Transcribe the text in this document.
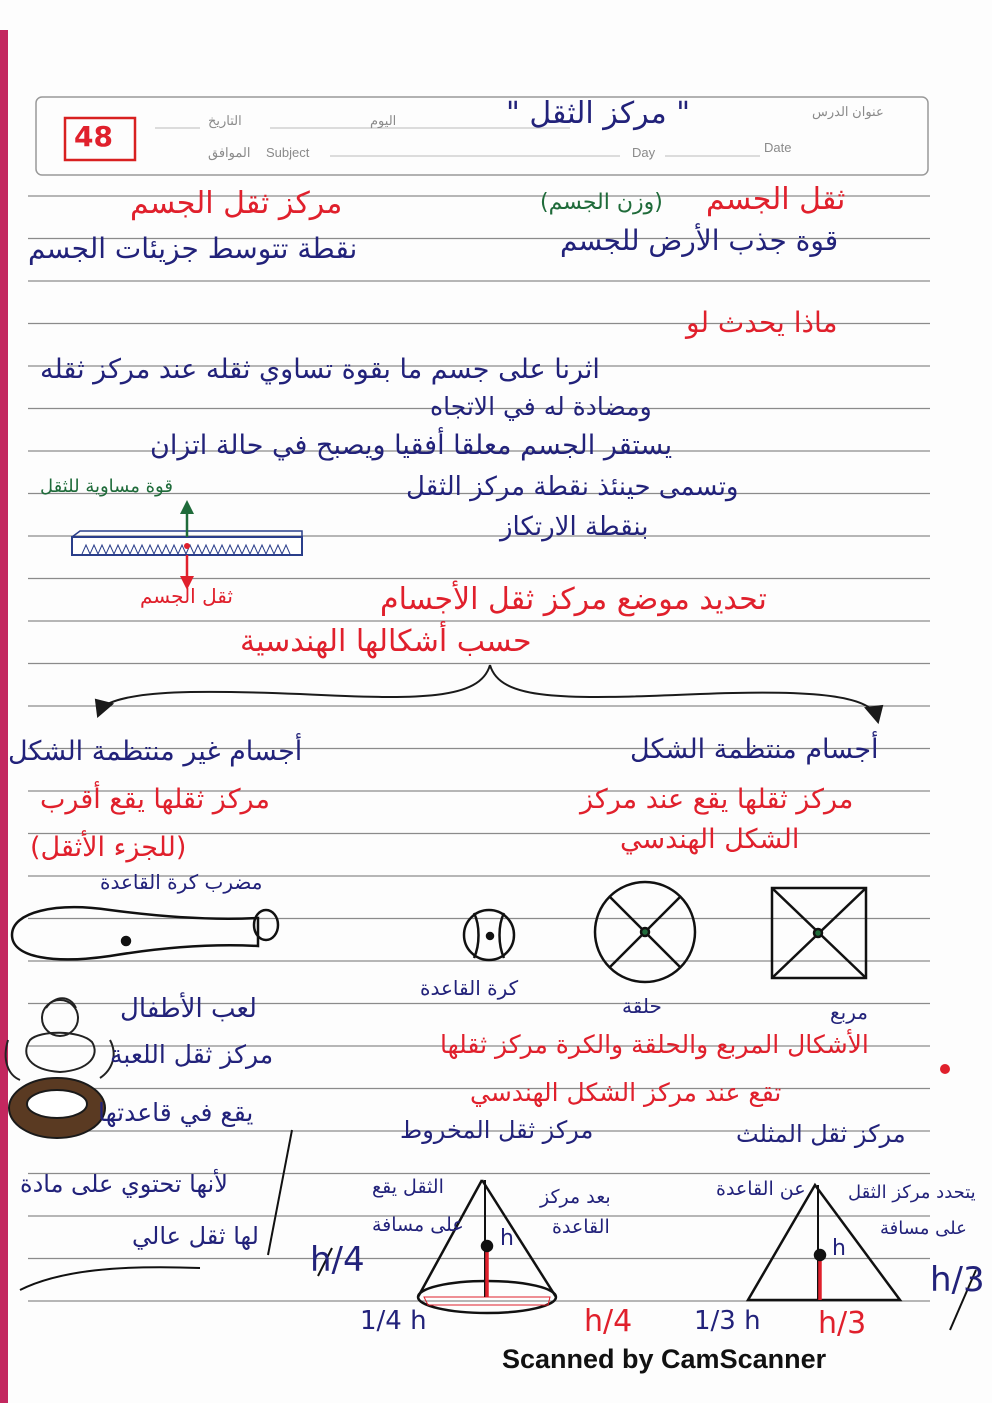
عنوان الدرس
التاريخ	اليوم
الموافق Subject	Day	Date
48
" مركز الثقل "
ثقل الجسم
(وزن الجسم)
قوة جذب الأرض للجسم
مركز ثقل الجسم
نقطة تتوسط جزيئات الجسم
ماذا يحدث لو
اثرنا على جسم ما بقوة تساوي ثقله عند مركز ثقله
ومضادة له في الاتجاه
يستقر الجسم معلقا أفقيا ويصبح في حالة اتزان
وتسمى حينئذ نقطة مركز الثقل
بنقطة الارتكاز
قوة مساوية للثقل
ثقل الجسم	تحديد موضع مركز ثقل الأجسام
حسب أشكالها الهندسية
أجسام غير منتظمة الشكل
مركز ثقلها يقع أقرب
(للجزء الأثقل)
مضرب كرة القاعدة
أجسام منتظمة الشكل
مركز ثقلها يقع عند مركز
الشكل الهندسي
كرة القاعدة
حلقة	مربع
الأشكال المربع والحلقة والكرة مركز ثقلها
تقع عند مركز الشكل الهندسي
لعب الأطفال
مركز ثقل اللعبة
يقع في قاعدتها
لأنها تحتوي على مادة
لها ثقل عالي
مركز ثقل المخروط
الثقل يقع
على مسافة
بعد مركز
القاعدة
h
h/4
1/4 h	h/4
مركز ثقل المثلث
عن القاعدة يتحدد مركز الثقل
على مسافة
h
h/3
1/3 h h/3
Scanned by CamScanner
